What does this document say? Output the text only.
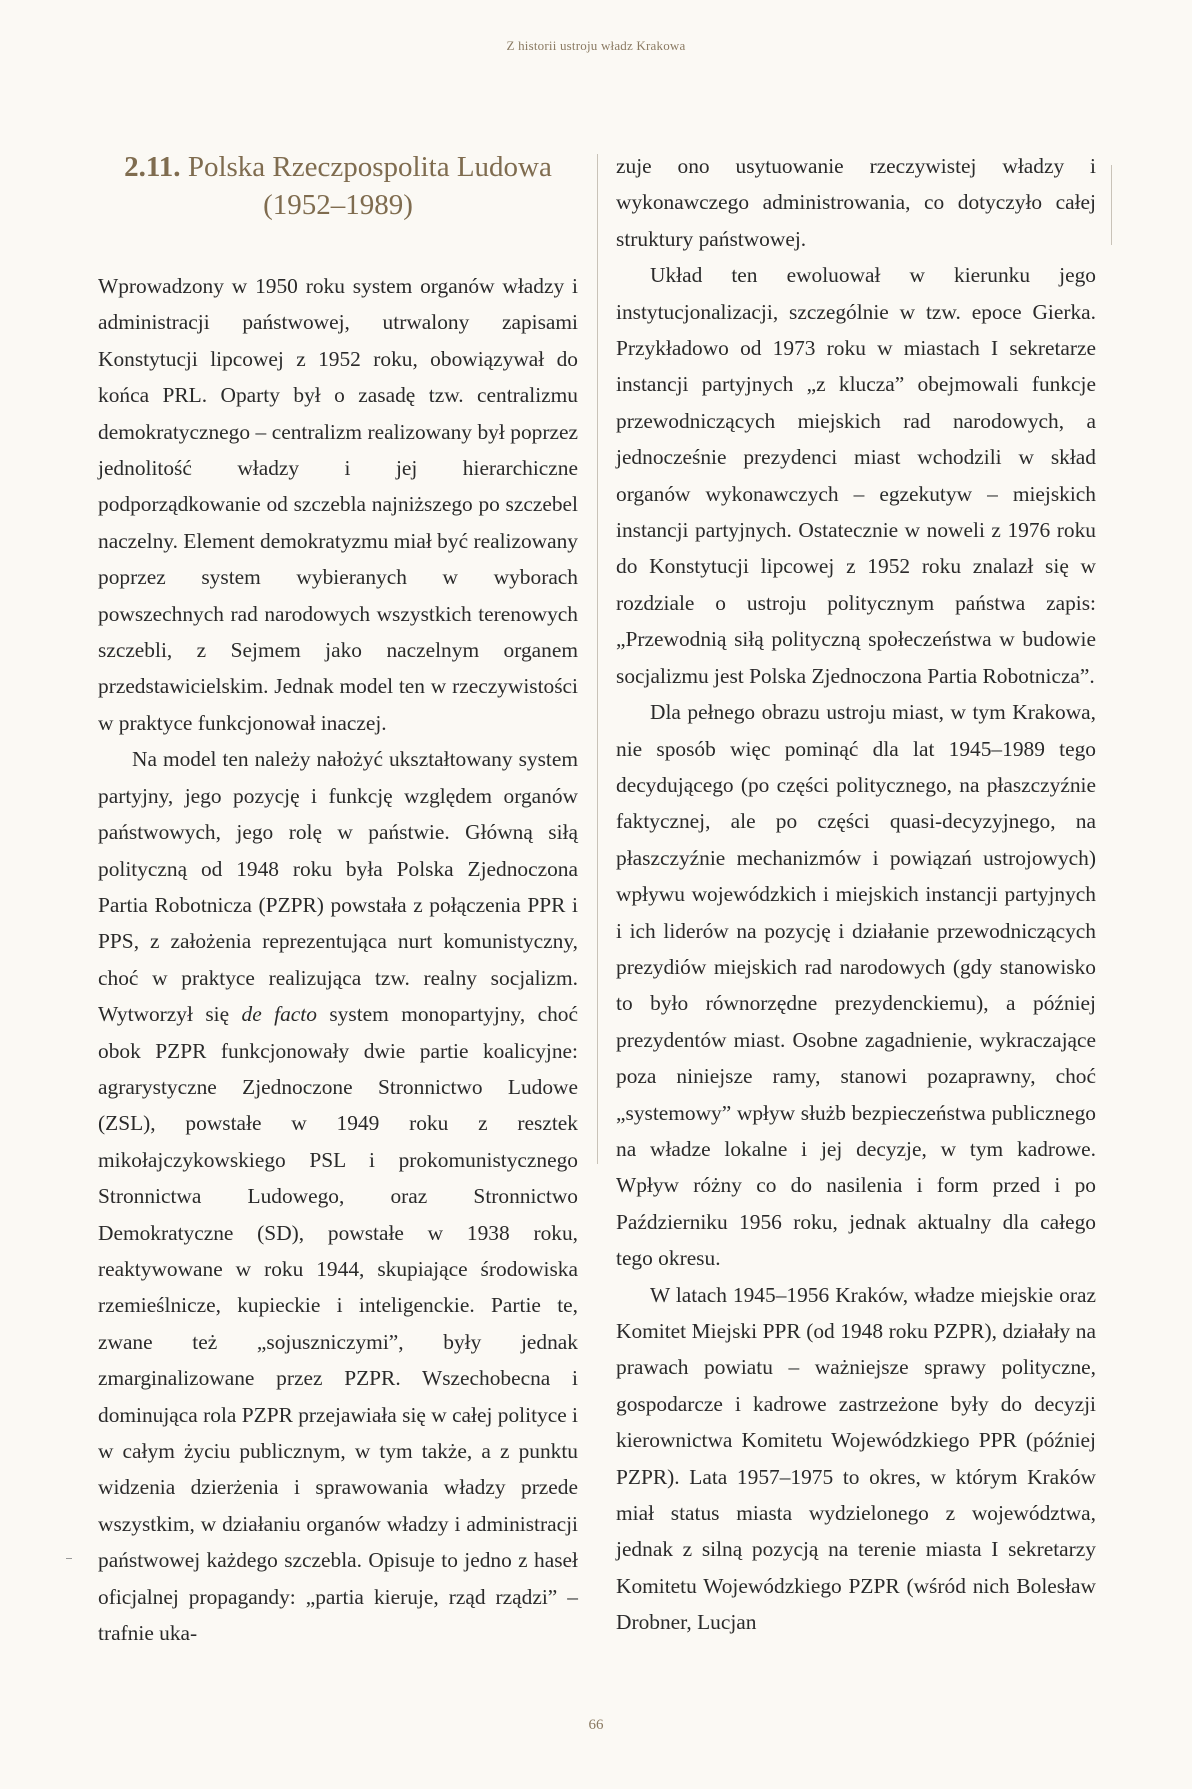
Z historii ustroju władz Krakowa
2.11. Polska Rzeczpospolita Ludowa
(1952–1989)

Wprowadzony w 1950 roku system organów władzy i administracji państwowej, utrwalony zapisami Konstytucji lipcowej z 1952 roku, obowiązywał do końca PRL. Oparty był o zasadę tzw. centralizmu demokratycznego – centralizm realizowany był poprzez jednolitość władzy i jej hierarchiczne podporządkowanie od szczebla najniższego po szczebel naczelny. Element demokratyzmu miał być realizowany poprzez system wybieranych w wyborach powszechnych rad narodowych wszystkich terenowych szczebli, z Sejmem jako naczelnym organem przedstawicielskim. Jednak model ten w rzeczywistości w praktyce funkcjonował inaczej.

Na model ten należy nałożyć ukształtowany system partyjny, jego pozycję i funkcję względem organów państwowych, jego rolę w państwie. Główną siłą polityczną od 1948 roku była Polska Zjednoczona Partia Robotnicza (PZPR) powstała z połączenia PPR i PPS, z założenia reprezentująca nurt komunistyczny, choć w praktyce realizująca tzw. realny socjalizm. Wytworzył się de facto system monopartyjny, choć obok PZPR funkcjonowały dwie partie koalicyjne: agrarystyczne Zjednoczone Stronnictwo Ludowe (ZSL), powstałe w 1949 roku z resztek mikołajczykowskiego PSL i prokomunistycznego Stronnictwa Ludowego, oraz Stronnictwo Demokratyczne (SD), powstałe w 1938 roku, reaktywowane w roku 1944, skupiające środowiska rzemieślnicze, kupieckie i inteligenckie. Partie te, zwane też „sojuszniczymi”, były jednak zmarginalizowane przez PZPR. Wszechobecna i dominująca rola PZPR przejawiała się w całej polityce i w całym życiu publicznym, w tym także, a z punktu widzenia dzierżenia i sprawowania władzy przede wszystkim, w działaniu organów władzy i administracji państwowej każdego szczebla. Opisuje to jedno z haseł oficjalnej propagandy: „partia kieruje, rząd rządzi” – trafnie uka-

zuje ono usytuowanie rzeczywistej władzy i wykonawczego administrowania, co dotyczyło całej struktury państwowej.

Układ ten ewoluował w kierunku jego instytucjonalizacji, szczególnie w tzw. epoce Gierka. Przykładowo od 1973 roku w miastach I sekretarze instancji partyjnych „z klucza” obejmowali funkcje przewodniczących miejskich rad narodowych, a jednocześnie prezydenci miast wchodzili w skład organów wykonawczych – egzekutyw – miejskich instancji partyjnych. Ostatecznie w noweli z 1976 roku do Konstytucji lipcowej z 1952 roku znalazł się w rozdziale o ustroju politycznym państwa zapis: „Przewodnią siłą polityczną społeczeństwa w budowie socjalizmu jest Polska Zjednoczona Partia Robotnicza”.

Dla pełnego obrazu ustroju miast, w tym Krakowa, nie sposób więc pominąć dla lat 1945–1989 tego decydującego (po części politycznego, na płaszczyźnie faktycznej, ale po części quasi-decyzyjnego, na płaszczyźnie mechanizmów i powiązań ustrojowych) wpływu wojewódzkich i miejskich instancji partyjnych i ich liderów na pozycję i działanie przewodniczących prezydiów miejskich rad narodowych (gdy stanowisko to było równorzędne prezydenckiemu), a później prezydentów miast. Osobne zagadnienie, wykraczające poza niniejsze ramy, stanowi pozaprawny, choć „systemowy” wpływ służb bezpieczeństwa publicznego na władze lokalne i jej decyzje, w tym kadrowe. Wpływ różny co do nasilenia i form przed i po Październiku 1956 roku, jednak aktualny dla całego tego okresu.

W latach 1945–1956 Kraków, władze miejskie oraz Komitet Miejski PPR (od 1948 roku PZPR), działały na prawach powiatu – ważniejsze sprawy polityczne, gospodarcze i kadrowe zastrzeżone były do decyzji kierownictwa Komitetu Wojewódzkiego PPR (później PZPR). Lata 1957–1975 to okres, w którym Kraków miał status miasta wydzielonego z województwa, jednak z silną pozycją na terenie miasta I sekretarzy Komitetu Wojewódzkiego PZPR (wśród nich Bolesław Drobner, Lucjan

66
